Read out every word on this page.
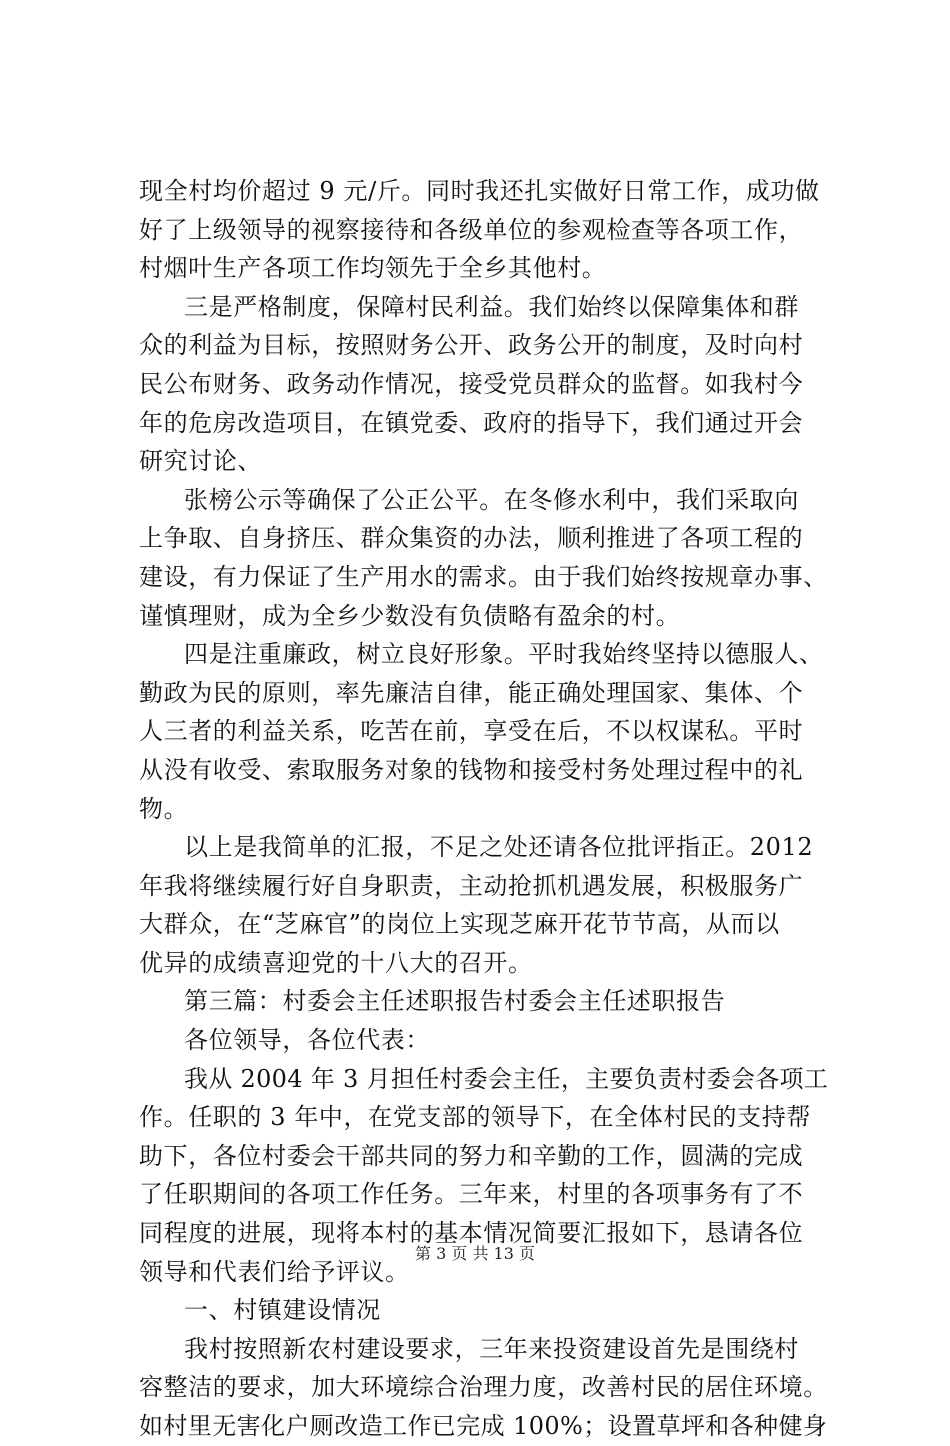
现全村均价超过 9 元/斤。同时我还扎实做好日常工作，成功做
好了上级领导的视察接待和各级单位的参观检查等各项工作，
村烟叶生产各项工作均领先于全乡其他村。
三是严格制度，保障村民利益。我们始终以保障集体和群
众的利益为目标，按照财务公开、政务公开的制度，及时向村
民公布财务、政务动作情况，接受党员群众的监督。如我村今
年的危房改造项目，在镇党委、政府的指导下，我们通过开会
研究讨论、
张榜公示等确保了公正公平。在冬修水利中，我们采取向
上争取、自身挤压、群众集资的办法，顺利推进了各项工程的
建设，有力保证了生产用水的需求。由于我们始终按规章办事、
谨慎理财，成为全乡少数没有负债略有盈余的村。
四是注重廉政，树立良好形象。平时我始终坚持以德服人、
勤政为民的原则，率先廉洁自律，能正确处理国家、集体、个
人三者的利益关系，吃苦在前，享受在后，不以权谋私。平时
从没有收受、索取服务对象的钱物和接受村务处理过程中的礼
物。
以上是我简单的汇报，不足之处还请各位批评指正。2012
年我将继续履行好自身职责，主动抢抓机遇发展，积极服务广
大群众，在“芝麻官”的岗位上实现芝麻开花节节高，从而以
优异的成绩喜迎党的十八大的召开。
第三篇：村委会主任述职报告村委会主任述职报告
各位领导，各位代表：
我从 2004 年 3 月担任村委会主任，主要负责村委会各项工
作。任职的 3 年中，在党支部的领导下，在全体村民的支持帮
助下，各位村委会干部共同的努力和辛勤的工作，圆满的完成
了任职期间的各项工作任务。三年来，村里的各项事务有了不
同程度的进展，现将本村的基本情况简要汇报如下，恳请各位
领导和代表们给予评议。
一、村镇建设情况
我村按照新农村建设要求，三年来投资建设首先是围绕村
容整洁的要求，加大环境综合治理力度，改善村民的居住环境。
如村里无害化户厕改造工作已完成 100%；设置草坪和各种健身
第 3 页 共 13 页
